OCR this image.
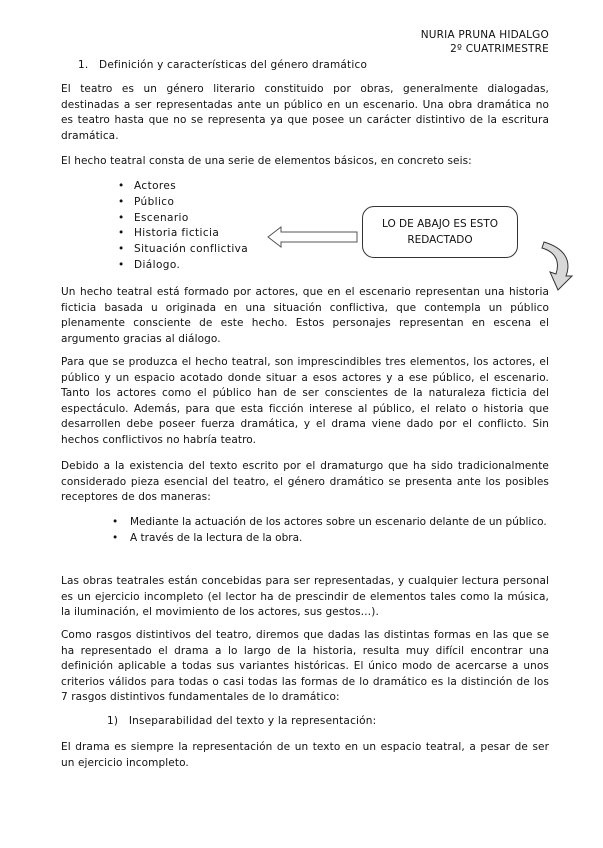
NURIA PRUNA HIDALGO
2º CUATRIMESTRE
1. Definición y características del género dramático

El teatro es un género literario constituido por obras, generalmente dialogadas, destinadas a ser representadas ante un público en un escenario. Una obra dramática no es teatro hasta que no se representa ya que posee un carácter distintivo de la escritura dramática.

El hecho teatral consta de una serie de elementos básicos, en concreto seis:

• Actores
• Público
• Escenario
• Historia ficticia
• Situación conflictiva
• Diálogo.
LO DE ABAJO ES ESTO REDACTADO

Un hecho teatral está formado por actores, que en el escenario representan una historia ficticia basada u originada en una situación conflictiva, que contempla un público plenamente consciente de este hecho. Estos personajes representan en escena el argumento gracias al diálogo.

Para que se produzca el hecho teatral, son imprescindibles tres elementos, los actores, el público y un espacio acotado donde situar a esos actores y a ese público, el escenario. Tanto los actores como el público han de ser conscientes de la naturaleza ficticia del espectáculo. Además, para que esta ficción interese al público, el relato o historia que desarrollen debe poseer fuerza dramática, y el drama viene dado por el conflicto. Sin hechos conflictivos no habría teatro.

Debido a la existencia del texto escrito por el dramaturgo que ha sido tradicionalmente considerado pieza esencial del teatro, el género dramático se presenta ante los posibles receptores de dos maneras:

• Mediante la actuación de los actores sobre un escenario delante de un público.
• A través de la lectura de la obra.

Las obras teatrales están concebidas para ser representadas, y cualquier lectura personal es un ejercicio incompleto (el lector ha de prescindir de elementos tales como la música, la iluminación, el movimiento de los actores, sus gestos…).

Como rasgos distintivos del teatro, diremos que dadas las distintas formas en las que se ha representado el drama a lo largo de la historia, resulta muy difícil encontrar una definición aplicable a todas sus variantes históricas. El único modo de acercarse a unos criterios válidos para todas o casi todas las formas de lo dramático es la distinción de los 7 rasgos distintivos fundamentales de lo dramático:

1) Inseparabilidad del texto y la representación:

El drama es siempre la representación de un texto en un espacio teatral, a pesar de ser un ejercicio incompleto.
